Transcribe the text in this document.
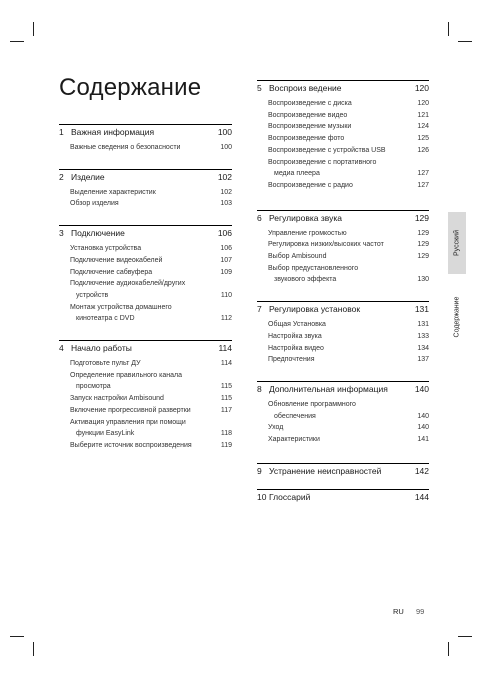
Содержание
1 Важная информация	100
Важные сведения о безопасности	100
2 Изделие	102
Выделение характеристик	102
Обзор изделия	103
3 Подключение	106
Установка устройства	106
Подключение видеокабелей	107
Подключение сабвуфера	109
Подключение аудиокабелей/других
устройств	110
Монтаж устройства домашнего
кинотеатра с DVD	112
4 Начало работы	114
Подготовьте пульт ДУ	114
Определение правильного канала
просмотра	115
Запуск настройки Ambisound	115
Включение прогрессивной развертки	117
Активация управления при помощи
функции EasyLink	118
Выберите источник воспроизведения	119
5 Воспроиз ведение	120
Воспроизведение с диска	120
Воспроизведение видео	121
Воспроизведение музыки	124
Воспроизведение фото	125
Воспроизведение с устройства USB	126
Воспроизведение с портативного
медиа плеера	127
Воспроизведение с радио	127
6 Регулировка звука	129
Управление громкостью	129
Регулировка низких/высоких частот	129
Выбор Ambisound	129
Выбор предустановленного
звукового эффекта	130
7 Регулировка установок	131
Общая Установка	131
Настройка звука	133
Настройка видео	134
Предпочтения	137
8 Дополнительная информация	140
Обновление программного
обеспечения	140
Уход	140
Характеристики	141
9 Устранение неисправностей	142
10 Глоссарий	144
Русский
Содержание
RU 99
